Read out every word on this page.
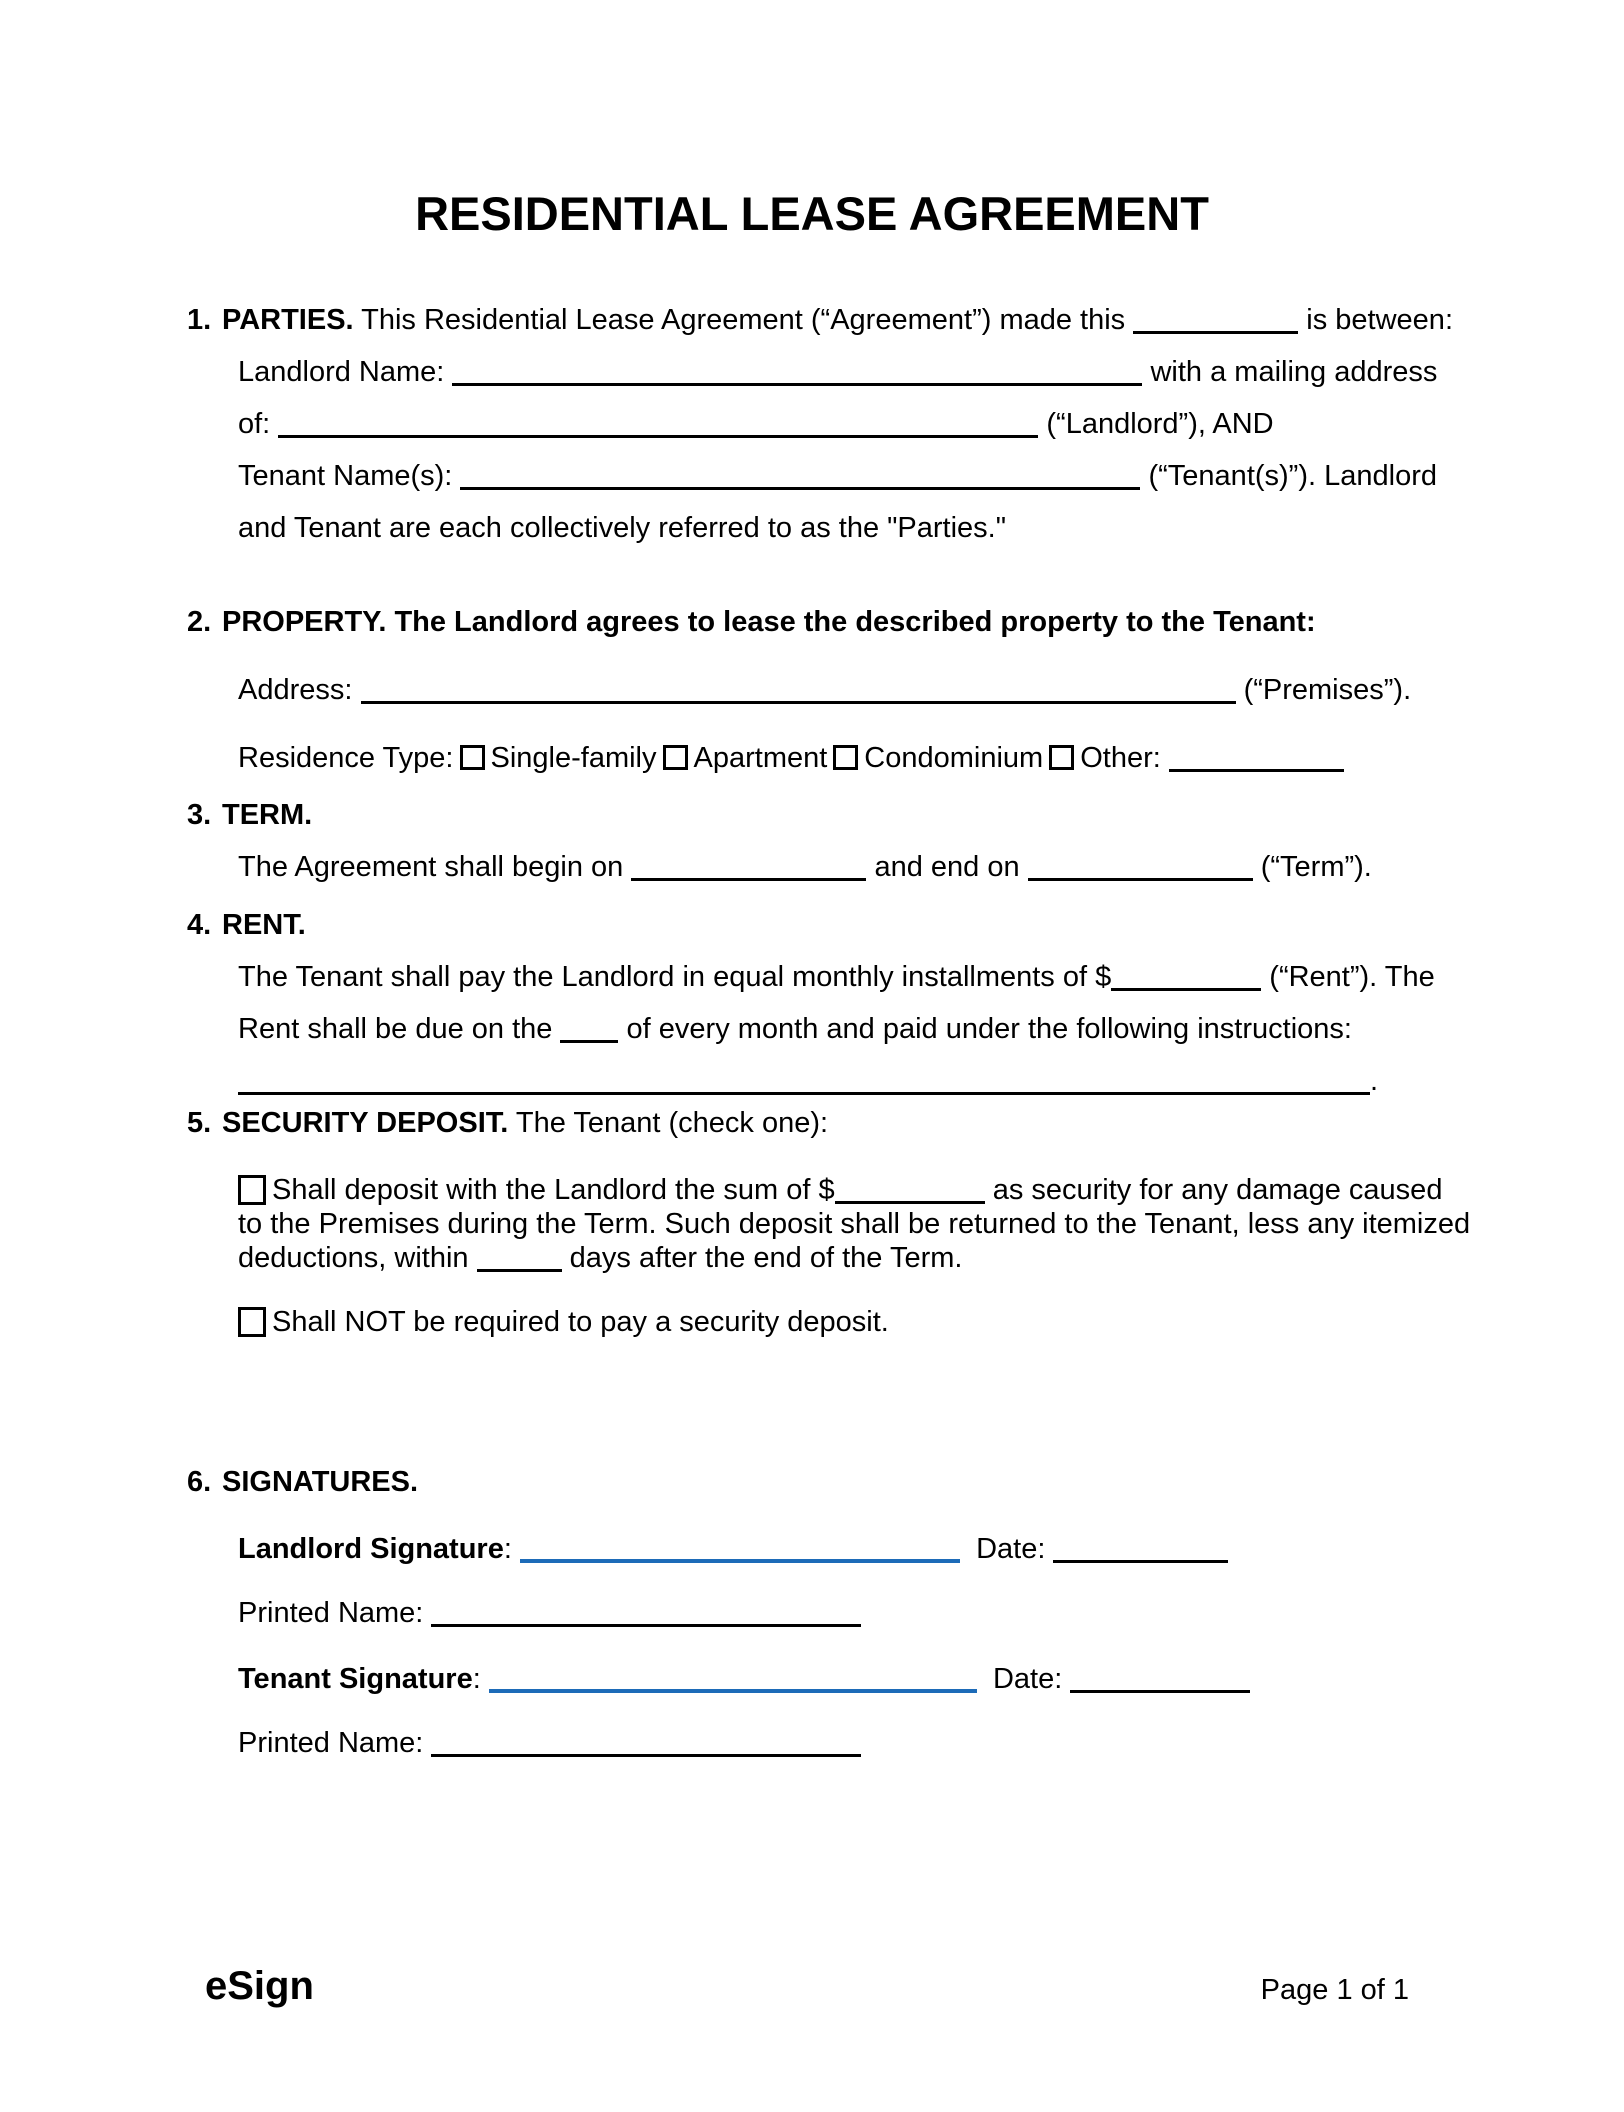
RESIDENTIAL LEASE AGREEMENT
1. PARTIES. This Residential Lease Agreement (“Agreement”) made this	is between:

Landlord Name:	with a mailing address

of:	(“Landlord”), AND

Tenant Name(s):	(“Tenant(s)”). Landlord

and Tenant are each collectively referred to as the "Parties."

2. PROPERTY. The Landlord agrees to lease the described property to the Tenant:

Address:	(“Premises”).

Residence Type: Single-family Apartment Condominium Other:

3. TERM.

The Agreement shall begin on	and end on	(“Term”).

4. RENT.

The Tenant shall pay the Landlord in equal monthly installments of $	(“Rent”). The

Rent shall be due on the	of every month and paid under the following instructions:

.

5. SECURITY DEPOSIT. The Tenant (check one):

Shall deposit with the Landlord the sum of $	as security for any damage caused

to the Premises during the Term. Such deposit shall be returned to the Tenant, less any itemized

deductions, within	days after the end of the Term.

Shall NOT be required to pay a security deposit.

6. SIGNATURES.

Landlord Signature:	Date:

Printed Name:

Tenant Signature:	Date:

Printed Name:

eSign	Page 1 of 1
